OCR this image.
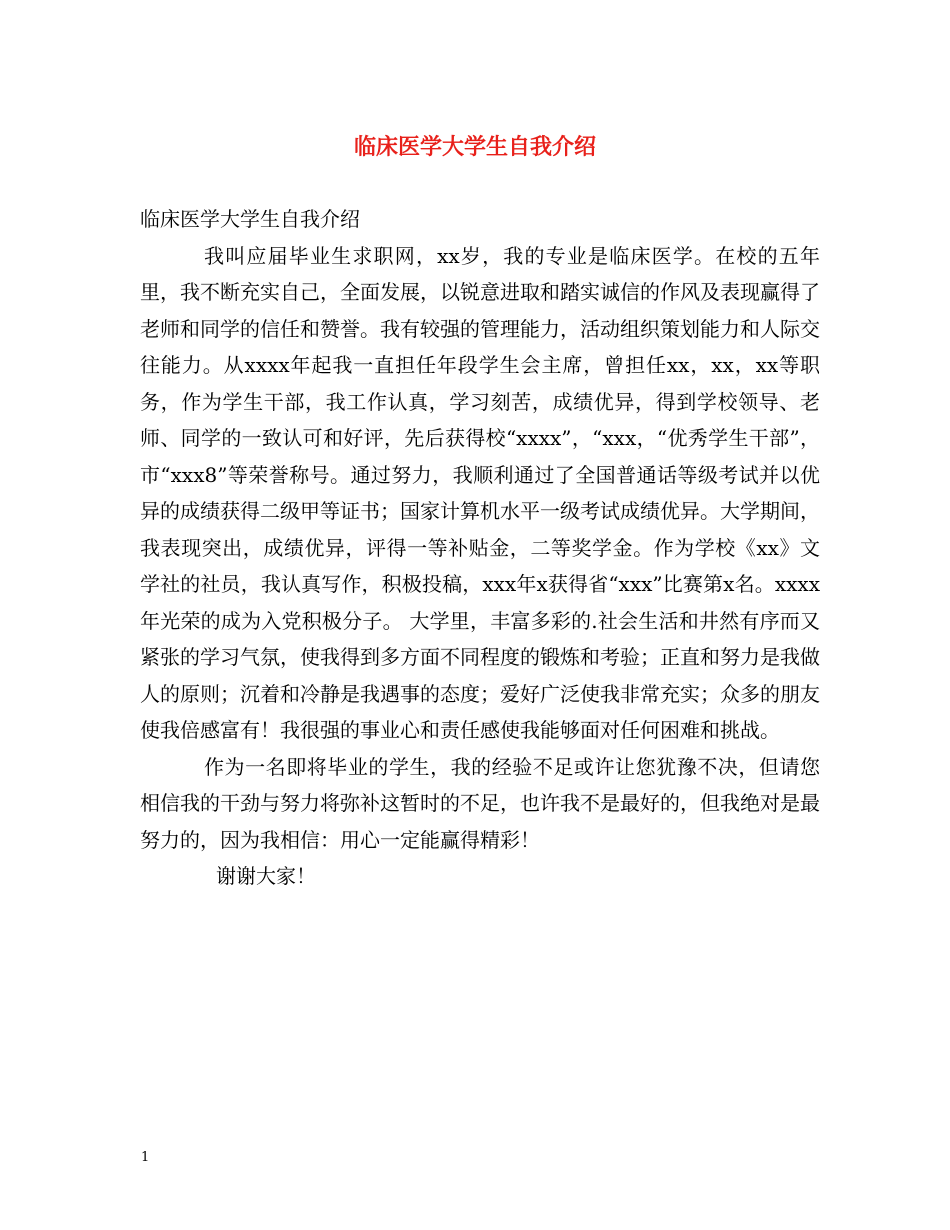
临床医学大学生自我介绍

临床医学大学生自我介绍

我叫应届毕业生求职网，xx岁，我的专业是临床医学。在校的五年里，我不断充实自己，全面发展，以锐意进取和踏实诚信的作风及表现赢得了老师和同学的信任和赞誉。我有较强的管理能力，活动组织策划能力和人际交往能力。从xxxx年起我一直担任年段学生会主席，曾担任xx，xx，xx等职务，作为学生干部，我工作认真，学习刻苦，成绩优异，得到学校领导、老师、同学的一致认可和好评，先后获得校“xxxx”，“xxx，“优秀学生干部”，市“xxx8”等荣誉称号。通过努力，我顺利通过了全国普通话等级考试并以优异的成绩获得二级甲等证书；国家计算机水平一级考试成绩优异。大学期间，我表现突出，成绩优异，评得一等补贴金，二等奖学金。作为学校《xx》文学社的社员，我认真写作，积极投稿，xxx年x获得省“xxx”比赛第x名。xxxx年光荣的成为入党积极分子。 大学里，丰富多彩的.社会生活和井然有序而又紧张的学习气氛，使我得到多方面不同程度的锻炼和考验；正直和努力是我做人的原则；沉着和冷静是我遇事的态度；爱好广泛使我非常充实；众多的朋友使我倍感富有！我很强的事业心和责任感使我能够面对任何困难和挑战。

作为一名即将毕业的学生，我的经验不足或许让您犹豫不决，但请您相信我的干劲与努力将弥补这暂时的不足，也许我不是最好的，但我绝对是最努力的，因为我相信：用心一定能赢得精彩！

谢谢大家！

1
